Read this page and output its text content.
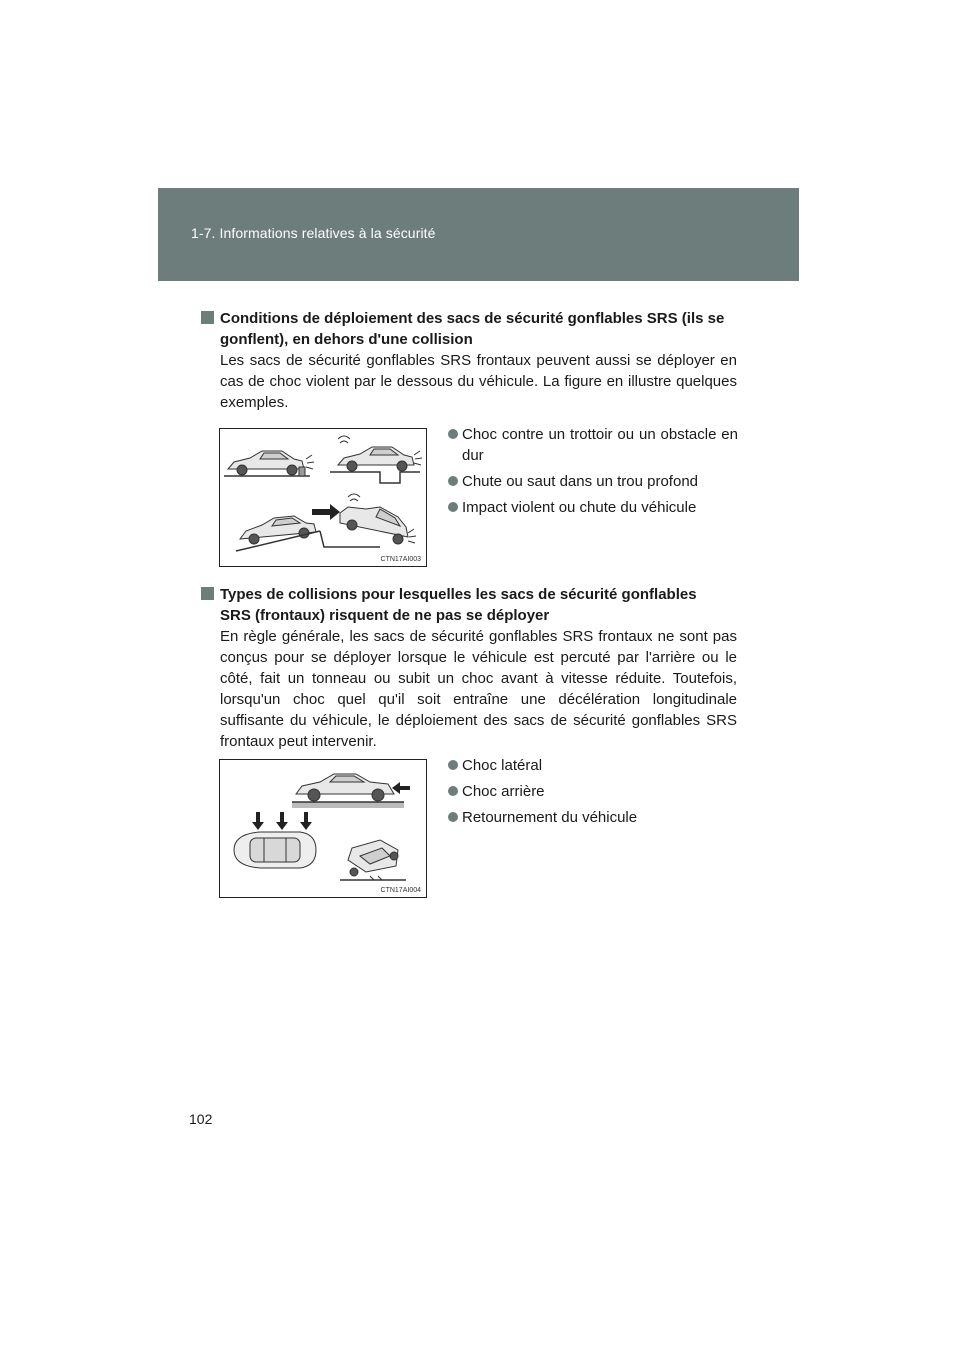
1-7. Informations relatives à la sécurité
Conditions de déploiement des sacs de sécurité gonflables SRS (ils se
gonflent), en dehors d'une collision
Les sacs de sécurité gonflables SRS frontaux peuvent aussi se déployer en cas de choc violent par le dessous du véhicule. La figure en illustre quelques exemples.
CTN17AI003
Choc contre un trottoir ou un obstacle en dur
Chute ou saut dans un trou profond
Impact violent ou chute du véhicule
Types de collisions pour lesquelles les sacs de sécurité gonflables
SRS (frontaux) risquent de ne pas se déployer
En règle générale, les sacs de sécurité gonflables SRS frontaux ne sont pas conçus pour se déployer lorsque le véhicule est percuté par l'arrière ou le côté, fait un tonneau ou subit un choc avant à vitesse réduite. Toutefois, lorsqu'un choc quel qu'il soit entraîne une décélération longitudinale suffisante du véhicule, le déploiement des sacs de sécurité gonflables SRS frontaux peut intervenir.
CTN17AI004
Choc latéral
Choc arrière
Retournement du véhicule
102
